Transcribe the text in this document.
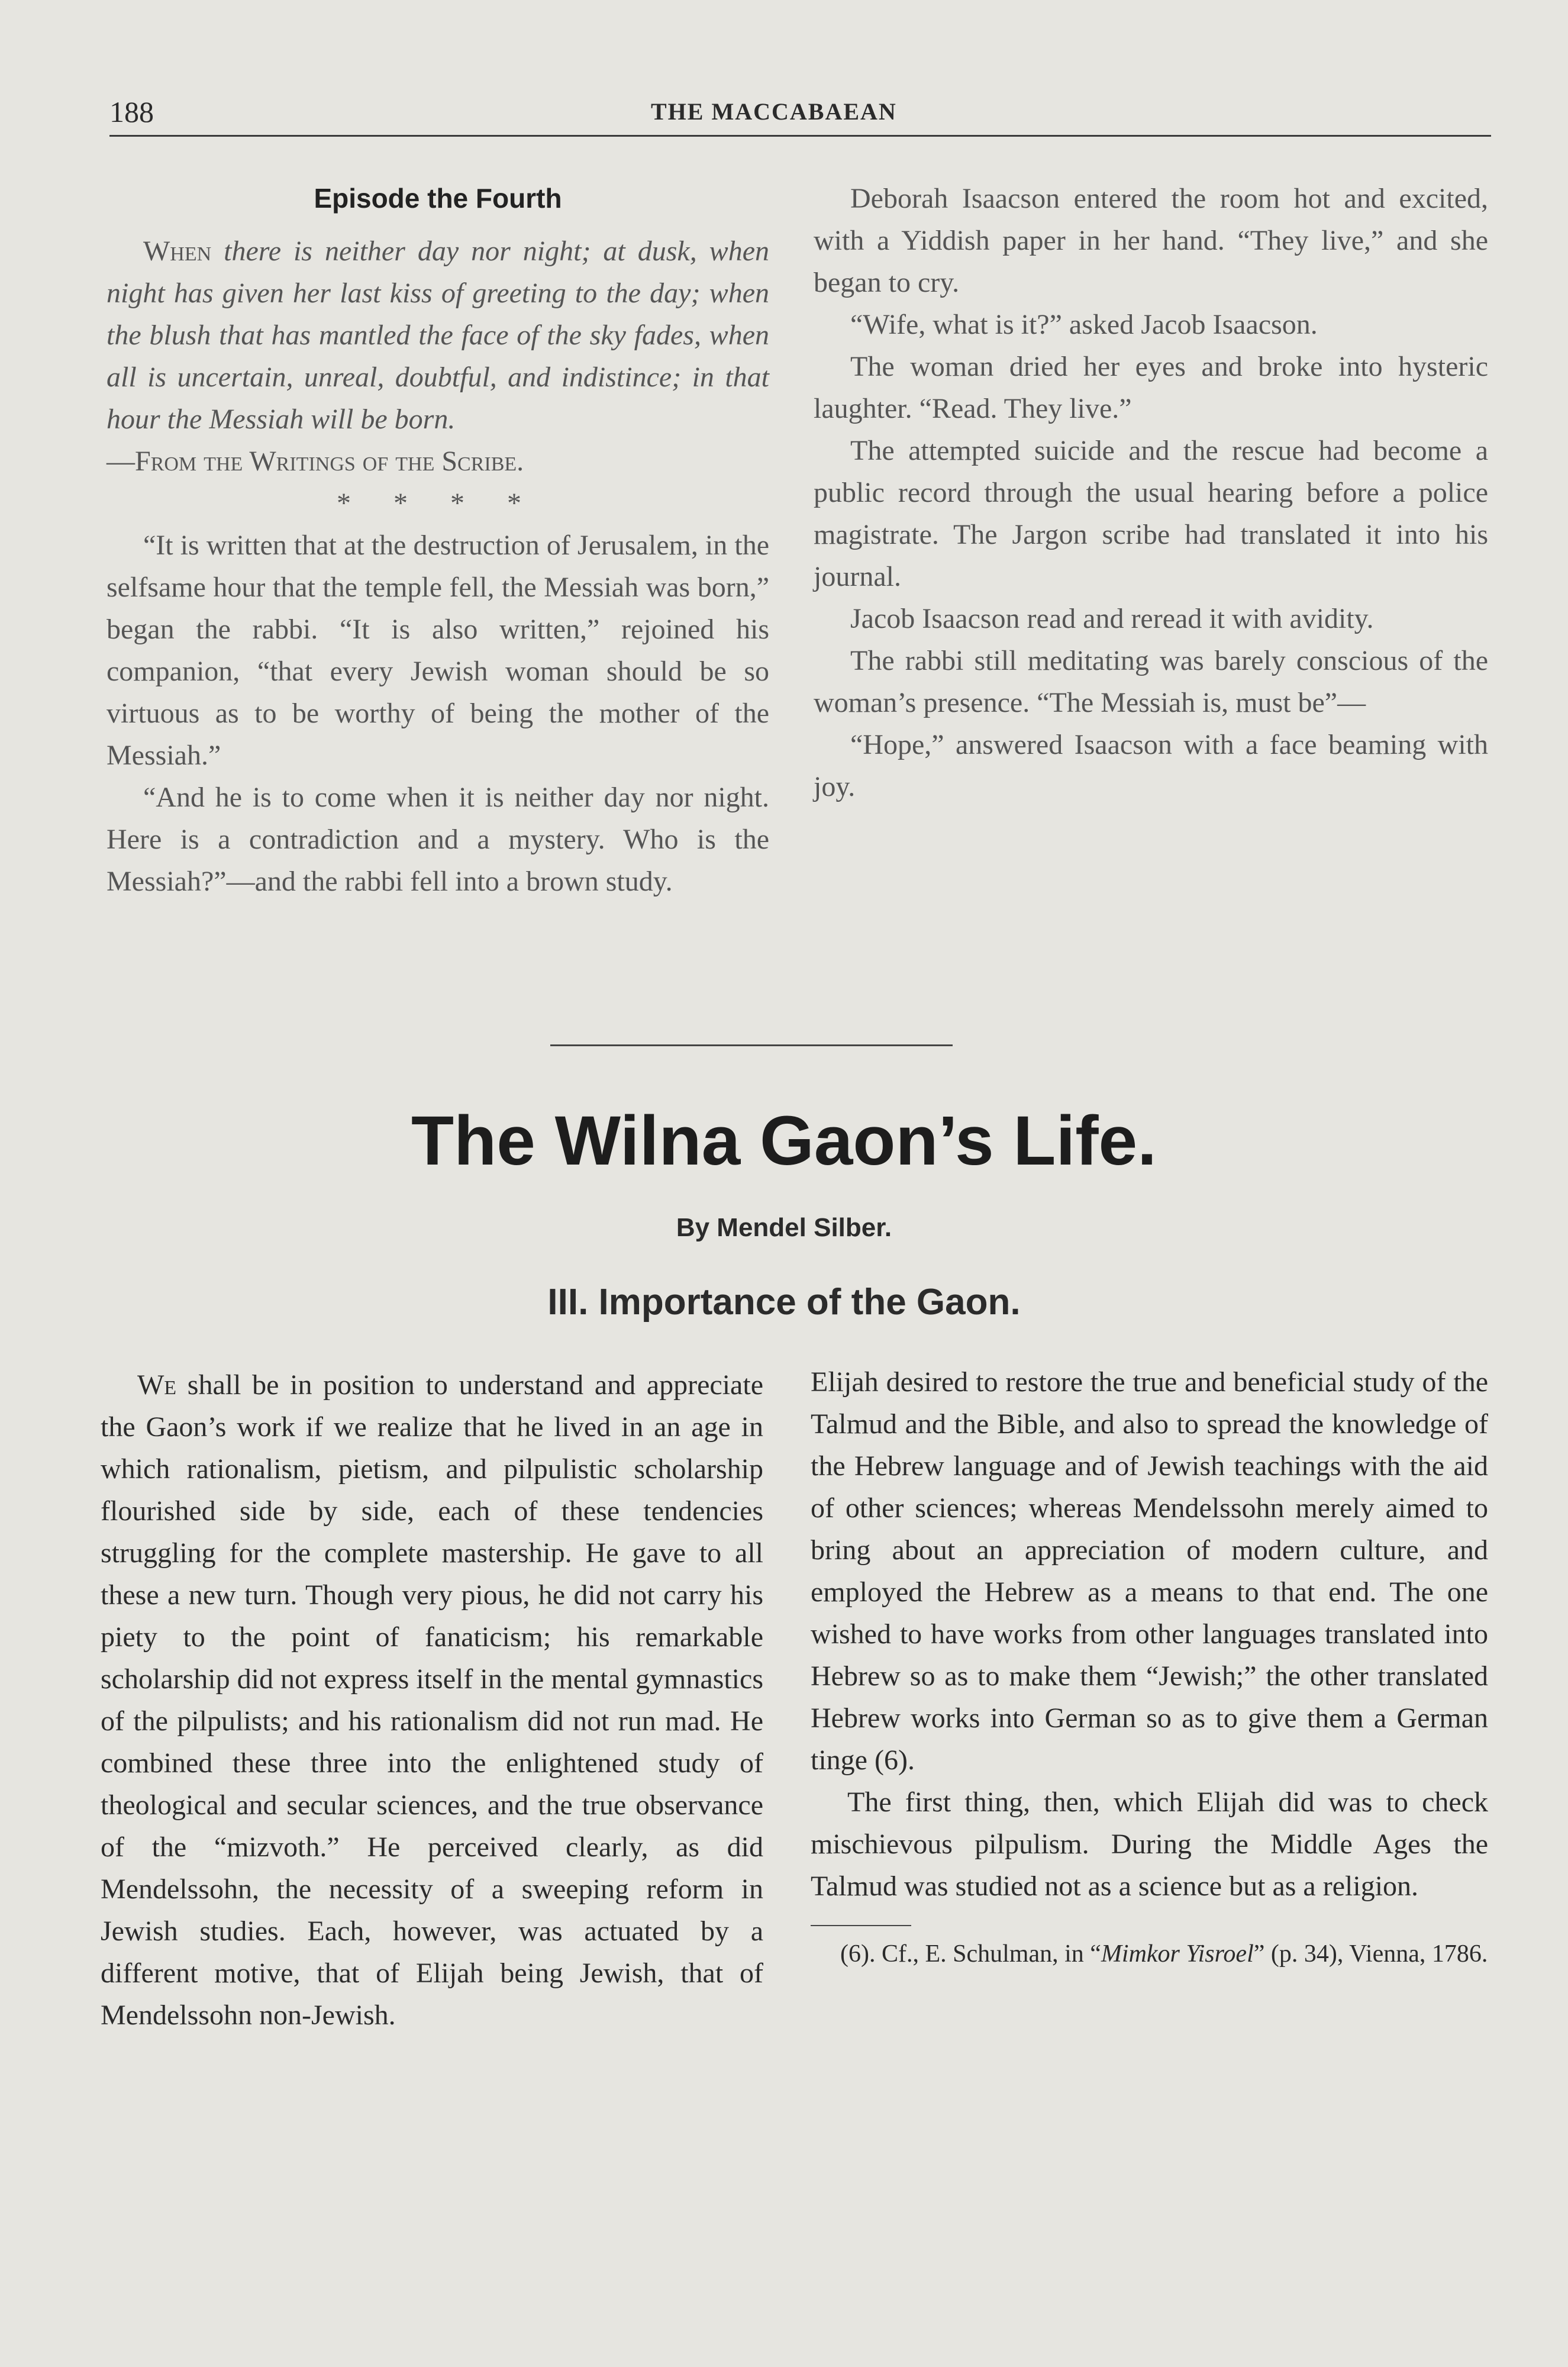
188	THE MACCABAEAN
Episode the Fourth

When there is neither day nor night; at dusk, when night has given her last kiss of greeting to the day; when the blush that has mantled the face of the sky fades, when all is uncertain, unreal, doubtful, and indistince; in that hour the Messiah will be born.

—From the Writings of the Scribe.

* * * *

“It is written that at the destruction of Jerusalem, in the selfsame hour that the temple fell, the Messiah was born,” began the rabbi. “It is also written,” rejoined his companion, “that every Jewish woman should be so virtuous as to be worthy of being the mother of the Messiah.”

“And he is to come when it is neither day nor night. Here is a contradiction and a mystery. Who is the Messiah?”—and the rabbi fell into a brown study.

Deborah Isaacson entered the room hot and excited, with a Yiddish paper in her hand. “They live,” and she began to cry.

“Wife, what is it?” asked Jacob Isaacson.

The woman dried her eyes and broke into hysteric laughter. “Read. They live.”

The attempted suicide and the rescue had become a public record through the usual hearing before a police magistrate. The Jargon scribe had translated it into his journal.

Jacob Isaacson read and reread it with avidity.

The rabbi still meditating was barely conscious of the woman’s presence. “The Messiah is, must be”—

“Hope,” answered Isaacson with a face beaming with joy.

The Wilna Gaon’s Life.
By Mendel Silber.
III. Importance of the Gaon.

We shall be in position to understand and appreciate the Gaon’s work if we realize that he lived in an age in which rationalism, pietism, and pilpulistic scholarship flourished side by side, each of these tendencies struggling for the complete mastership. He gave to all these a new turn. Though very pious, he did not carry his piety to the point of fanaticism; his remarkable scholarship did not express itself in the mental gymnastics of the pilpulists; and his rationalism did not run mad. He combined these three into the enlightened study of theological and secular sciences, and the true observance of the “mizvoth.” He perceived clearly, as did Mendelssohn, the necessity of a sweeping reform in Jewish studies. Each, however, was actuated by a different motive, that of Elijah being Jewish, that of Mendelssohn non-Jewish.

Elijah desired to restore the true and beneficial study of the Talmud and the Bible, and also to spread the knowledge of the Hebrew language and of Jewish teachings with the aid of other sciences; whereas Mendelssohn merely aimed to bring about an appreciation of modern culture, and employed the Hebrew as a means to that end. The one wished to have works from other languages translated into Hebrew so as to make them “Jewish;” the other translated Hebrew works into German so as to give them a German tinge (6).

The first thing, then, which Elijah did was to check mischievous pilpulism. During the Middle Ages the Talmud was studied not as a science but as a religion.

(6). Cf., E. Schulman, in “Mimkor Yisroel” (p. 34), Vienna, 1786.
